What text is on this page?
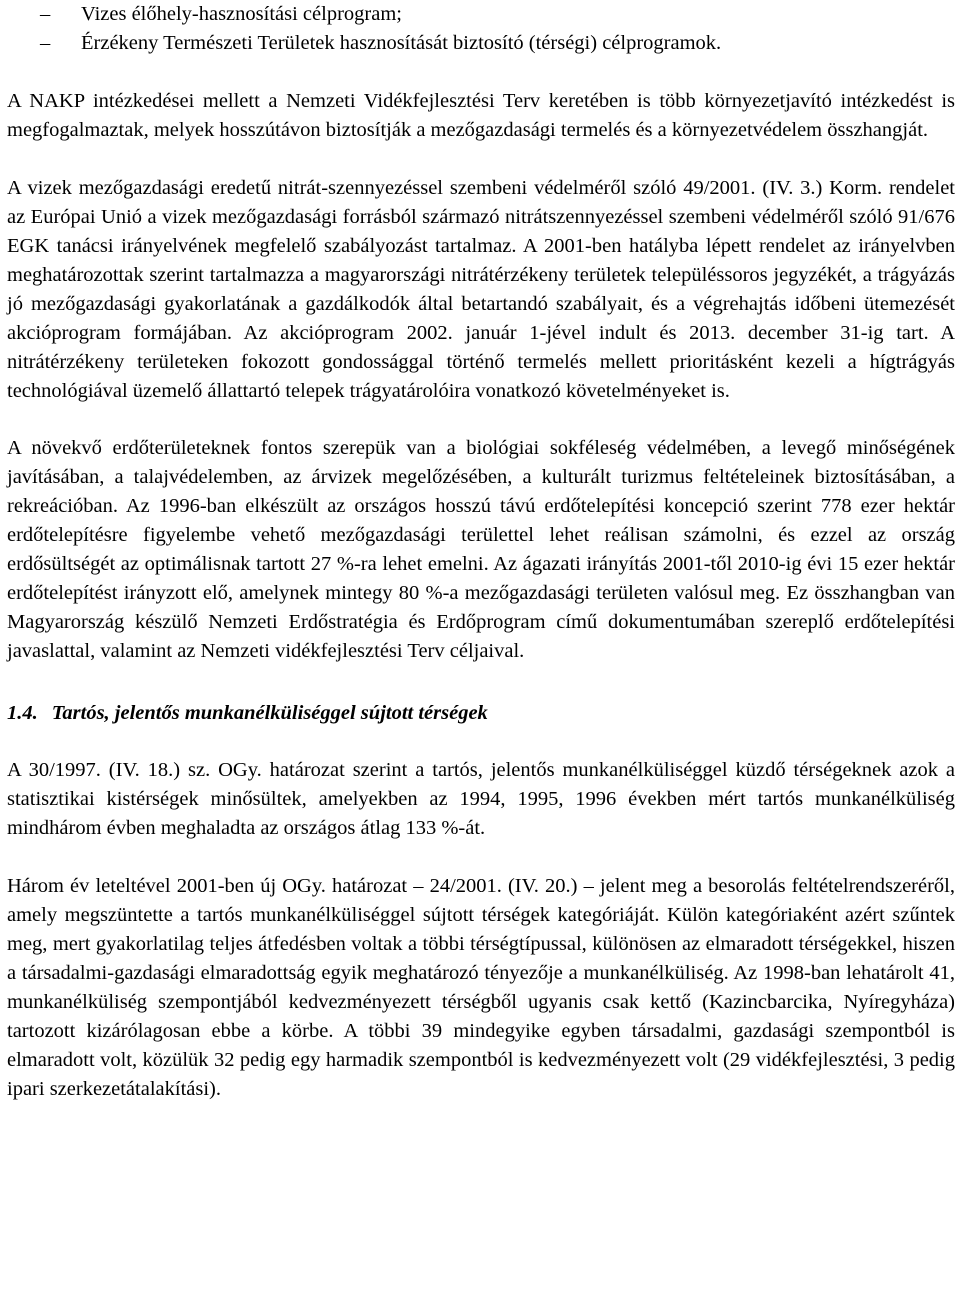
– Vizes élőhely-hasznosítási célprogram;
– Érzékeny Természeti Területek hasznosítását biztosító (térségi) célprogramok.

A NAKP intézkedései mellett a Nemzeti Vidékfejlesztési Terv keretében is több környezetjavító intézkedést is megfogalmaztak, melyek hosszútávon biztosítják a mezőgazdasági termelés és a környezetvédelem összhangját.

A vizek mezőgazdasági eredetű nitrát-szennyezéssel szembeni védelméről szóló 49/2001. (IV. 3.) Korm. rendelet az Európai Unió a vizek mezőgazdasági forrásból származó nitrátszennyezéssel szembeni védelméről szóló 91/676 EGK tanácsi irányelvének megfelelő szabályozást tartalmaz. A 2001-ben hatályba lépett rendelet az irányelvben meghatározottak szerint tartalmazza a magyarországi nitrátérzékeny területek településsoros jegyzékét, a trágyázás jó mezőgazdasági gyakorlatának a gazdálkodók által betartandó szabályait, és a végrehajtás időbeni ütemezését akcióprogram formájában. Az akcióprogram 2002. január 1-jével indult és 2013. december 31-ig tart. A nitrátérzékeny területeken fokozott gondossággal történő termelés mellett prioritásként kezeli a hígtrágyás technológiával üzemelő állattartó telepek trágyatárolóira vonatkozó követelményeket is.

A növekvő erdőterületeknek fontos szerepük van a biológiai sokféleség védelmében, a levegő minőségének javításában, a talajvédelemben, az árvizek megelőzésében, a kulturált turizmus feltételeinek biztosításában, a rekreációban. Az 1996-ban elkészült az országos hosszú távú erdőtelepítési koncepció szerint 778 ezer hektár erdőtelepítésre figyelembe vehető mezőgazdasági területtel lehet reálisan számolni, és ezzel az ország erdősültségét az optimálisnak tartott 27 %-ra lehet emelni. Az ágazati irányítás 2001-től 2010-ig évi 15 ezer hektár erdőtelepítést irányzott elő, amelynek mintegy 80 %-a mezőgazdasági területen valósul meg. Ez összhangban van Magyarország készülő Nemzeti Erdőstratégia és Erdőprogram című dokumentumában szereplő erdőtelepítési javaslattal, valamint az Nemzeti vidékfejlesztési Terv céljaival.

1.4. Tartós, jelentős munkanélküliséggel sújtott térségek

A 30/1997. (IV. 18.) sz. OGy. határozat szerint a tartós, jelentős munkanélküliséggel küzdő térségeknek azok a statisztikai kistérségek minősültek, amelyekben az 1994, 1995, 1996 években mért tartós munkanélküliség mindhárom évben meghaladta az országos átlag 133 %-át.

Három év leteltével 2001-ben új OGy. határozat – 24/2001. (IV. 20.) – jelent meg a besorolás feltételrendszeréről, amely megszüntette a tartós munkanélküliséggel sújtott térségek kategóriáját. Külön kategóriaként azért szűntek meg, mert gyakorlatilag teljes átfedésben voltak a többi térségtípussal, különösen az elmaradott térségekkel, hiszen a társadalmi-gazdasági elmaradottság egyik meghatározó tényezője a munkanélküliség. Az 1998-ban lehatárolt 41, munkanélküliség szempontjából kedvezményezett térségből ugyanis csak kettő (Kazincbarcika, Nyíregyháza) tartozott kizárólagosan ebbe a körbe. A többi 39 mindegyike egyben társadalmi, gazdasági szempontból is elmaradott volt, közülük 32 pedig egy harmadik szempontból is kedvezményezett volt (29 vidékfejlesztési, 3 pedig ipari szerkezetátalakítási).
